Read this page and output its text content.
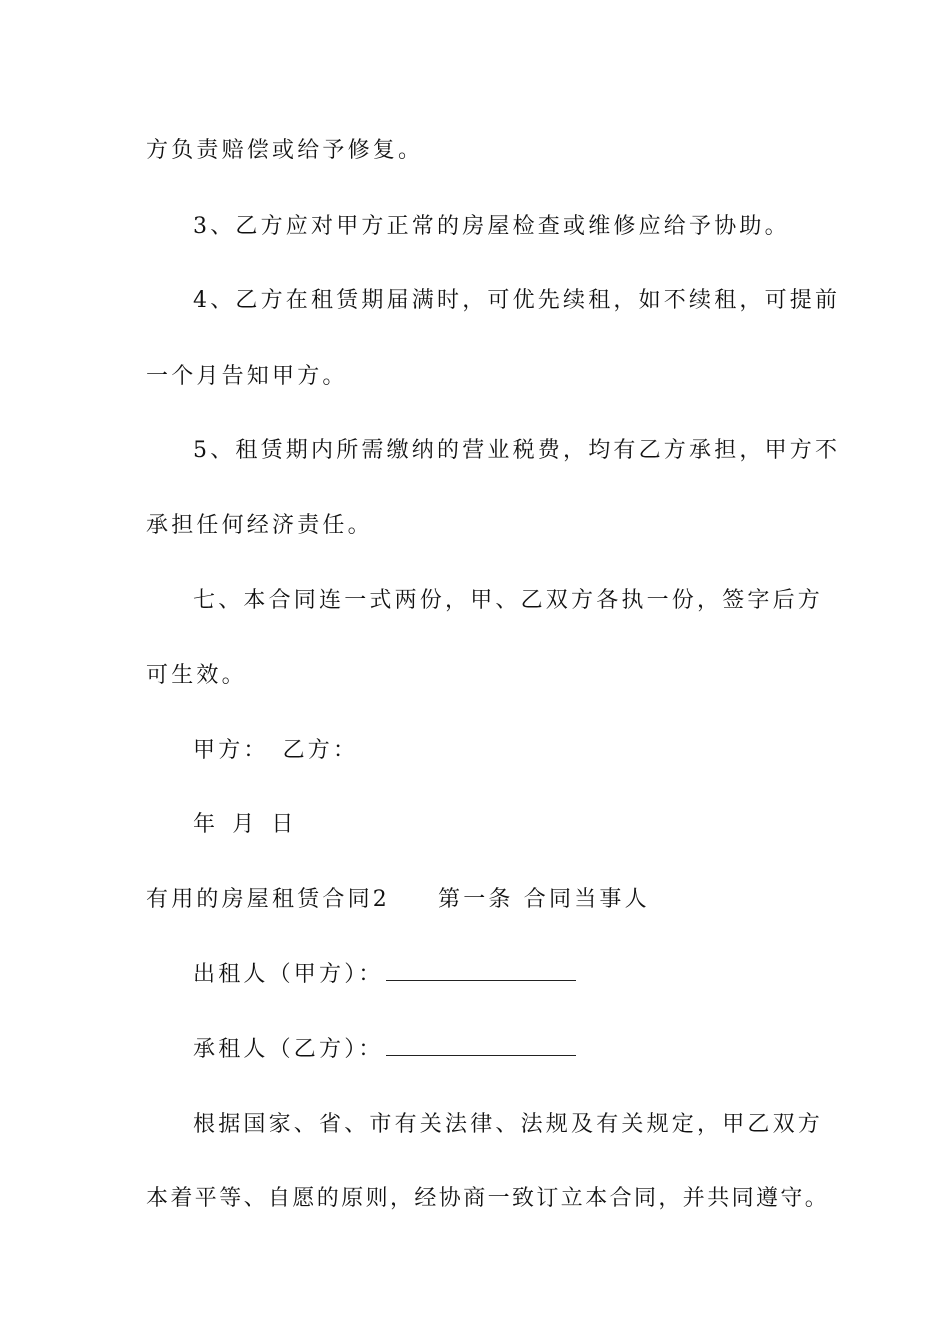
方负责赔偿或给予修复。
3、乙方应对甲方正常的房屋检查或维修应给予协助。
4、乙方在租赁期届满时，可优先续租，如不续租，可提前
一个月告知甲方。
5、租赁期内所需缴纳的营业税费，均有乙方承担，甲方不
承担任何经济责任。
七、本合同连一式两份，甲、乙双方各执一份，签字后方
可生效。
甲方： 乙方：
年 月 日
有用的房屋租赁合同2 第一条 合同当事人
出租人（甲方）：
承租人（乙方）：
根据国家、省、市有关法律、法规及有关规定，甲乙双方
本着平等、自愿的原则，经协商一致订立本合同，并共同遵守。
